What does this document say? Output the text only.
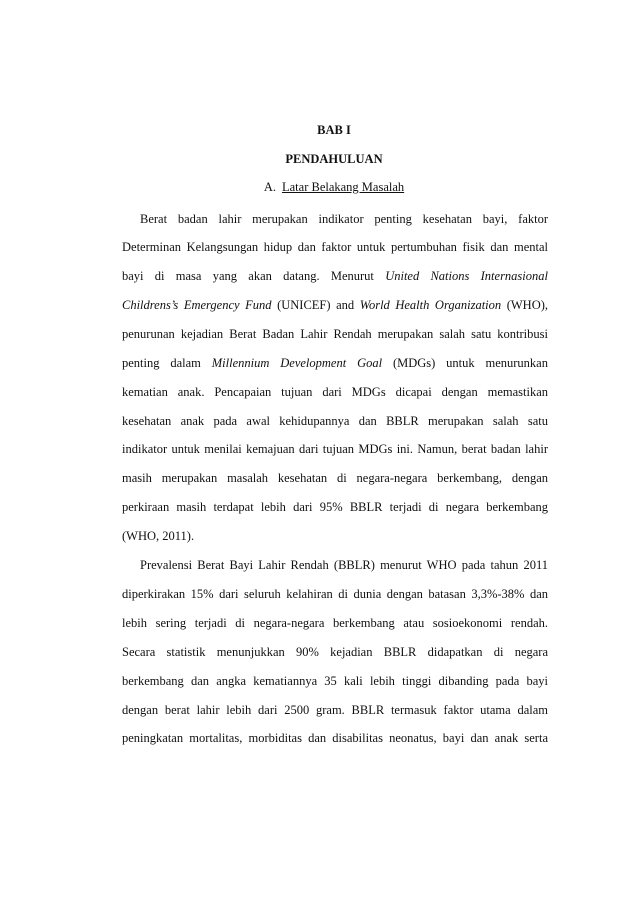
BAB I
PENDAHULUAN
A. Latar Belakang Masalah
Berat badan lahir merupakan indikator penting kesehatan bayi, faktor
Determinan Kelangsungan hidup dan faktor untuk pertumbuhan fisik dan mental
bayi di masa yang akan datang. Menurut United Nations Internasional
Childrens’s Emergency Fund (UNICEF) and World Health Organization (WHO),
penurunan kejadian Berat Badan Lahir Rendah merupakan salah satu kontribusi
penting dalam Millennium Development Goal (MDGs) untuk menurunkan
kematian anak. Pencapaian tujuan dari MDGs dicapai dengan memastikan
kesehatan anak pada awal kehidupannya dan BBLR merupakan salah satu
indikator untuk menilai kemajuan dari tujuan MDGs ini. Namun, berat badan lahir
masih merupakan masalah kesehatan di negara-negara berkembang, dengan
perkiraan masih terdapat lebih dari 95% BBLR terjadi di negara berkembang
(WHO, 2011).
Prevalensi Berat Bayi Lahir Rendah (BBLR) menurut WHO pada tahun 2011
diperkirakan 15% dari seluruh kelahiran di dunia dengan batasan 3,3%-38% dan
lebih sering terjadi di negara-negara berkembang atau sosioekonomi rendah.
Secara statistik menunjukkan 90% kejadian BBLR didapatkan di negara
berkembang dan angka kematiannya 35 kali lebih tinggi dibanding pada bayi
dengan berat lahir lebih dari 2500 gram. BBLR termasuk faktor utama dalam
peningkatan mortalitas, morbiditas dan disabilitas neonatus, bayi dan anak serta
